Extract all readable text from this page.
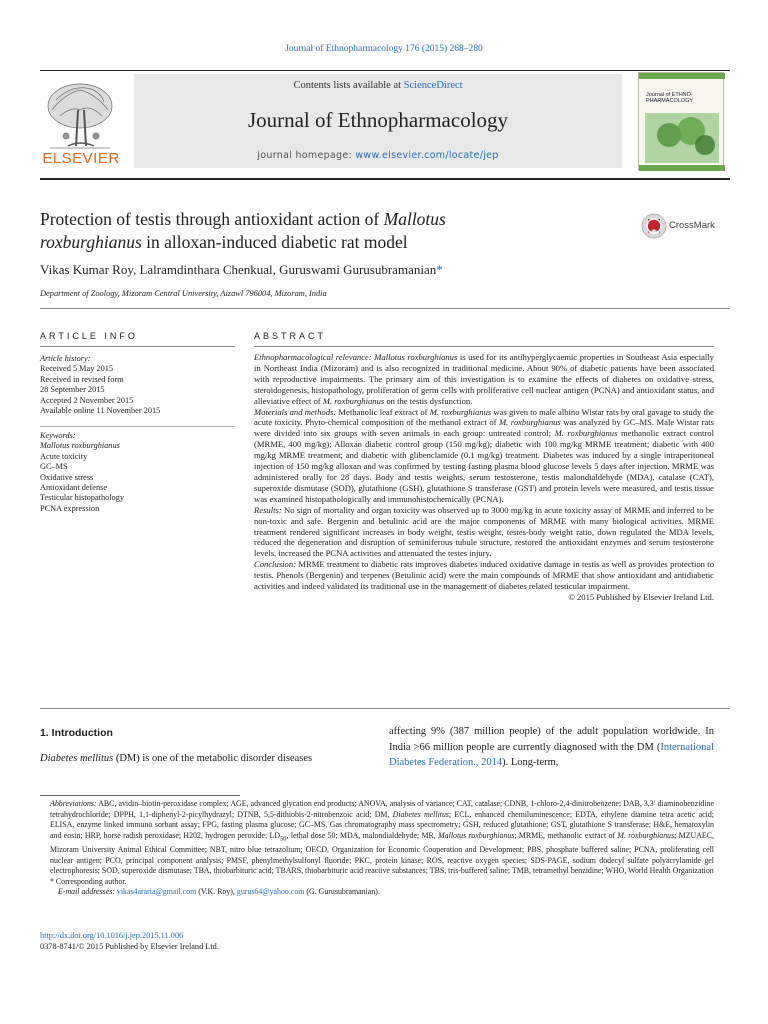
Journal of Ethnopharmacology 176 (2015) 268–280
Contents lists available at ScienceDirect
Journal of Ethnopharmacology
journal homepage: www.elsevier.com/locate/jep
ELSEVIER
Journal of ETHNO-PHARMACOLOGY
Protection of testis through antioxidant action of Mallotus
roxburghianus in alloxan-induced diabetic rat model
CrossMark
Vikas Kumar Roy, Lalramdinthara Chenkual, Guruswami Gurusubramanian*
Department of Zoology, Mizoram Central University, Aizawl 796004, Mizoram, India
ARTICLE INFO	ABSTRACT
Article history:
Received 5 May 2015
Received in revised form
28 September 2015
Accepted 2 November 2015
Available online 11 November 2015
Keywords:
Mallotus roxburghianus
Acute toxicity
GC–MS
Oxidative stress
Antioxidant defense
Testicular histopathology
PCNA expression

Ethnopharmacological relevance: Mallotus roxburghianus is used for its antihyperglycaemic properties in Southeast Asia especially in Northeast India (Mizoram) and is also recognized in traditional medicine. About 90% of diabetic patients have been associated with reproductive impairments. The primary aim of this investigation is to examine the effects of diabetes on oxidative stress, steroidogenesis, histopathology, proliferation of germ cells with proliferative cell nuclear antigen (PCNA) and antioxidant status, and alleviative effect of M. roxburghianus on the testis dysfunction.

Materials and methods: Methanolic leaf extract of M. roxburghianus was given to male albino Wistar rats by oral gavage to study the acute toxicity. Phyto-chemical composition of the methanol extract of M. roxburghianus was analyzed by GC–MS. Male Wistar rats were divided into six groups with seven animals in each group: untreated control; M. roxburghianus methanolic extract control (MRME, 400 mg/kg); Alloxan diabetic control group (150 mg/kg); diabetic with 100 mg/kg MRME treatment; diabetic with 400 mg/kg MRME treatment; and diabetic with glibenclamide (0.1 mg/kg) treatment. Diabetes was induced by a single intraperitoneal injection of 150 mg/kg alloxan and was confirmed by testing fasting plasma blood glucose levels 5 days after injection. MRME was administered orally for 28 days. Body and testis weights, serum testosterone, testis malondialdehyde (MDA), catalase (CAT), superoxide dismutase (SOD), glutathione (GSH), glutathione S transferase (GST) and protein levels were measured, and testis tissue was examined histopathologically and immunohistochemically (PCNA).

Results: No sign of mortality and organ toxicity was observed up to 3000 mg/kg in acute toxicity assay of MRME and inferred to be non-toxic and safe. Bergenin and betulinic acid are the major components of MRME with many biological activities. MRME treatment rendered significant increases in body weight, testis weight, testes-body weight ratio, down regulated the MDA levels, reduced the degeneration and disruption of seminiferous tubule structure, restored the antioxidant enzymes and serum testosterone levels, increased the PCNA activities and attenuated the testes injury.

Conclusion: MRME treatment to diabetic rats improves diabetes induced oxidative damage in testis as well as provides protection to testis. Phenols (Bergenin) and terpenes (Betulinic acid) were the main compounds of MRME that show antioxidant and antidiabetic activities and indeed validated its traditional use in the management of diabetes related testicular impairment.

© 2015 Published by Elsevier Ireland Ltd.

1. Introduction
Diabetes mellitus (DM) is one of the metabolic disorder diseases
affecting 9% (387 million people) of the adult population worldwide. In India >66 million people are currently diagnosed with the DM (International Diabetes Federation., 2014). Long-term,

Abbreviations: ABC, avidin–biotin-peroxidase complex; AGE, advanced glycation end products; ANOVA, analysis of variance; CAT, catalase; CDNB, 1-chloro-2,4-dinitrobenzene; DAB, 3,3′ diaminobenzidine tetrahydrochloride; DPPH, 1,1-diphenyl-2-picylhydrazyl; DTNB, 5,5-dithiobis-2-nitrobenzoic acid; DM, Diabetes mellitus; ECL, enhanced chemiluminescence; EDTA, ethylene diamine tetra acetic acid; ELISA, enzyme linked immuno sorbant assay; FPG, fasting plasma glucose; GC–MS, Gas chromatography mass spectrometry; GSH, reduced glutathione; GST, glutathione S transferase; H&E, hematoxylin and eosin; HRP, horse radish peroxidase; H202, hydrogen peroxide; $LD_{50}$, lethal dose 50; MDA, malondialdehyde; MR, Mallotus roxburghianus; MRME, methanolic extract of M. roxburghianus; MZUAEC, Mizoram University Animal Ethical Committee; NBT, nitro blue tetrazolium; OECD, Organization for Economic Cooperation and Development; PBS, phosphate buffered saline; PCNA, proliferating cell nuclear antigen; PCO, principal component analysis; PMSF, phenylmethylsulfonyl fluoride; PKC, protein kinase; ROS, reactive oxygen species; SDS-PAGE, sodium dodecyl sulfate polyacrylamide gel electrophoresis; SOD, superoxide dismutase; TBA, thiobarbituric acid; TBARS, thiobarbituric acid reactive substances; TBS, tris-buffered saline; TMB, tetramethyl benzidine; WHO, World Health Organization

* Corresponding author.

E-mail addresses: vikas4araria@gmail.com (V.K. Roy), gurus64@yahoo.com (G. Gurusubramanian).

http://dx.doi.org/10.1016/j.jep.2015.11.006
0378-8741/© 2015 Published by Elsevier Ireland Ltd.
